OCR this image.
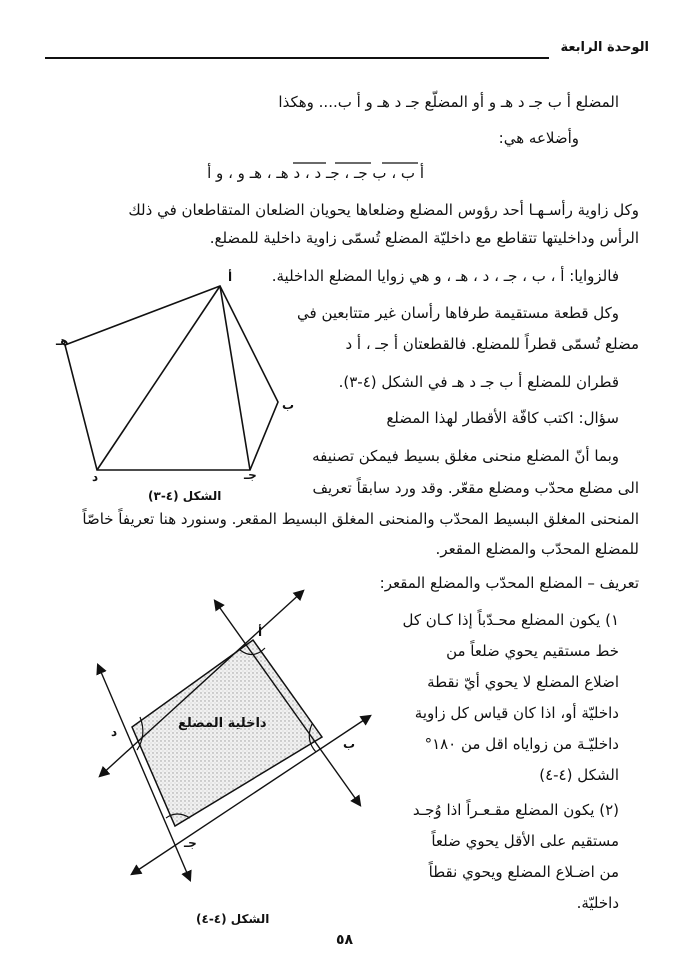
الوحدة الرابعة
المضلع أ ب جـ د هـ و أو المضلّع جـ د هـ و أ ب.... وهكذا
وأضلاعه هي:
أ ب ، ب جـ ، جـ د ، د هـ ، هـ و ، و أ
وكل زاوية رأسـهـا أحد رؤوس المضلع وضلعاها يحويان الضلعان المتقاطعان في ذلك
الرأس وداخليتها تتقاطع مع داخليّة المضلع تُسمّى زاوية داخلية للمضلع.
فالزوايا: أ ، ب ، جـ ، د ، هـ ، و هي زوايا المضلع الداخلية.
وكل قطعة مستقيمة طرفاها رأسان غير متتابعين في
مضلع تُسمّى قطراً للمضلع. فالقطعتان أ جـ ، أ د
قطران للمضلع أ ب جـ د هـ في الشكل (٤-٣).
سؤال: اكتب كافّة الأقطار لهذا المضلع
وبما أنّ المضلع منحنى مغلق بسيط فيمكن تصنيفه
الى مضلع محدّب ومضلع مقعّر. وقد ورد سابقاً تعريف
المنحنى المغلق البسيط المحدّب والمنحنى المغلق البسيط المقعر. وسنورد هنا تعريفاً خاصّاً
للمضلع المحدّب والمضلع المقعر.
تعريف – المضلع المحدّب والمضلع المقعر:
١) يكون المضلع محـدّباً إذا كـان كل
خط مستقيم يحوي ضلعاً من
اضلاع المضلع لا يحوي أيّ نقطة
داخليّة أو، اذا كان قياس كل زاوية
داخليّـة من زواياه اقل من ١٨٠°
الشكل (٤-٤)
(٢) يكون المضلع مقـعـراً اذا وُجـد
مستقيم على الأقل يحوي ضلعاً
من اضـلاع المضلع ويحوي نقطاً
داخليّة.
أ
ب
جـ
د
هـ
الشكل (٤-٣)
أ
ب
جـ
د
داخلية المضلع
الشكل (٤-٤)
٥٨
